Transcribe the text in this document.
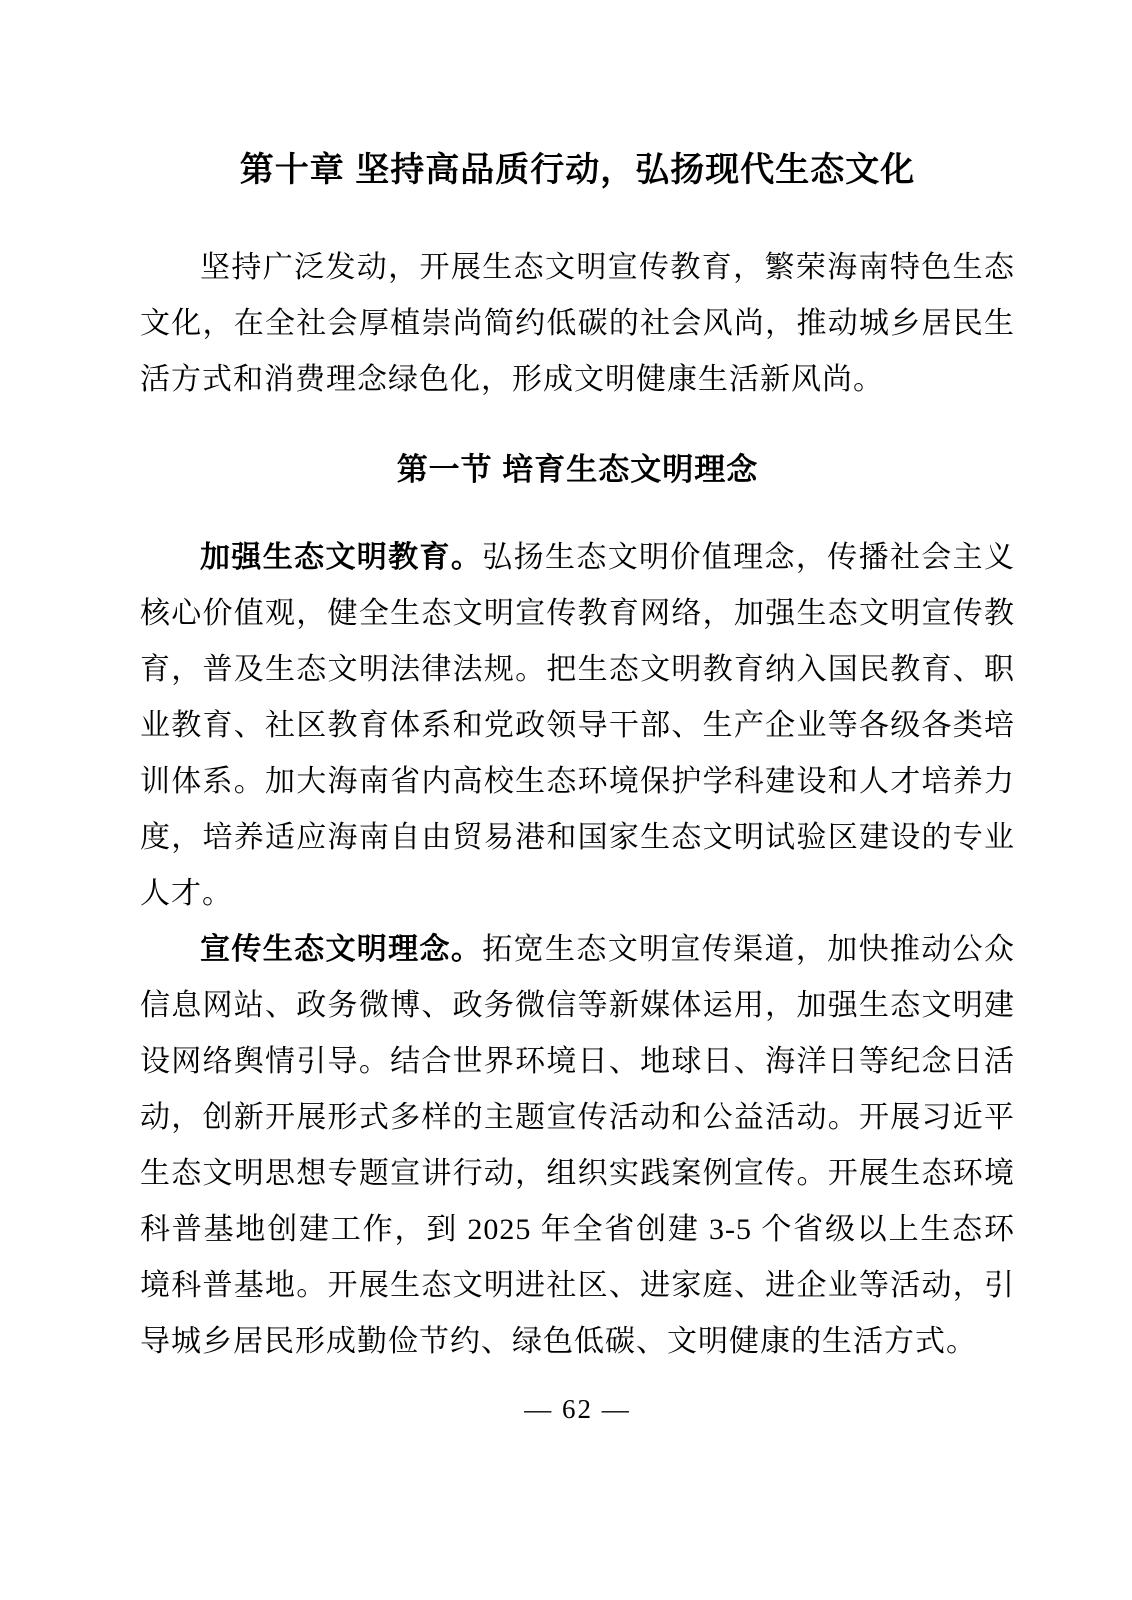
第十章 坚持高品质行动，弘扬现代生态文化

坚持广泛发动，开展生态文明宣传教育，繁荣海南特色生态文化，在全社会厚植崇尚简约低碳的社会风尚，推动城乡居民生活方式和消费理念绿色化，形成文明健康生活新风尚。

第一节 培育生态文明理念

加强生态文明教育。弘扬生态文明价值理念，传播社会主义核心价值观，健全生态文明宣传教育网络，加强生态文明宣传教育，普及生态文明法律法规。把生态文明教育纳入国民教育、职业教育、社区教育体系和党政领导干部、生产企业等各级各类培训体系。加大海南省内高校生态环境保护学科建设和人才培养力度，培养适应海南自由贸易港和国家生态文明试验区建设的专业人才。

宣传生态文明理念。拓宽生态文明宣传渠道，加快推动公众信息网站、政务微博、政务微信等新媒体运用，加强生态文明建设网络舆情引导。结合世界环境日、地球日、海洋日等纪念日活动，创新开展形式多样的主题宣传活动和公益活动。开展习近平生态文明思想专题宣讲行动，组织实践案例宣传。开展生态环境科普基地创建工作，到 2025 年全省创建 3-5 个省级以上生态环境科普基地。开展生态文明进社区、进家庭、进企业等活动，引导城乡居民形成勤俭节约、绿色低碳、文明健康的生活方式。

— 62 —
